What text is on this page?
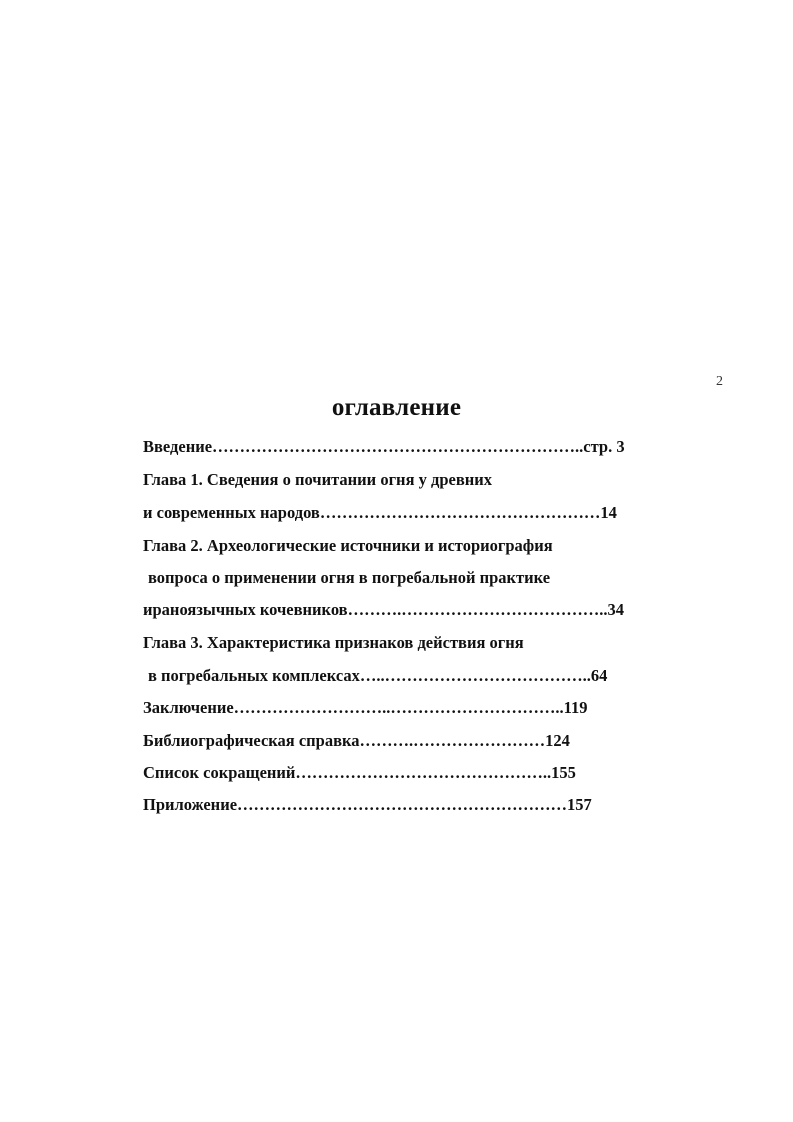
2
оглавление
Введение…………………………………………………………..стр. 3
Глава 1. Сведения о почитании огня у древних
и современных народов……………………………………………14
Глава 2. Археологические источники и историография
вопроса о применении огня в погребальной практике
ираноязычных кочевников……….………………………………..34
Глава 3. Характеристика признаков действия огня
в погребальных комплексах…..………………………………..64
Заключение………………………..…………………………..119
Библиографическая справка……….……………………124
Список сокращений………………………………………..155
Приложение……………………………………………………157
